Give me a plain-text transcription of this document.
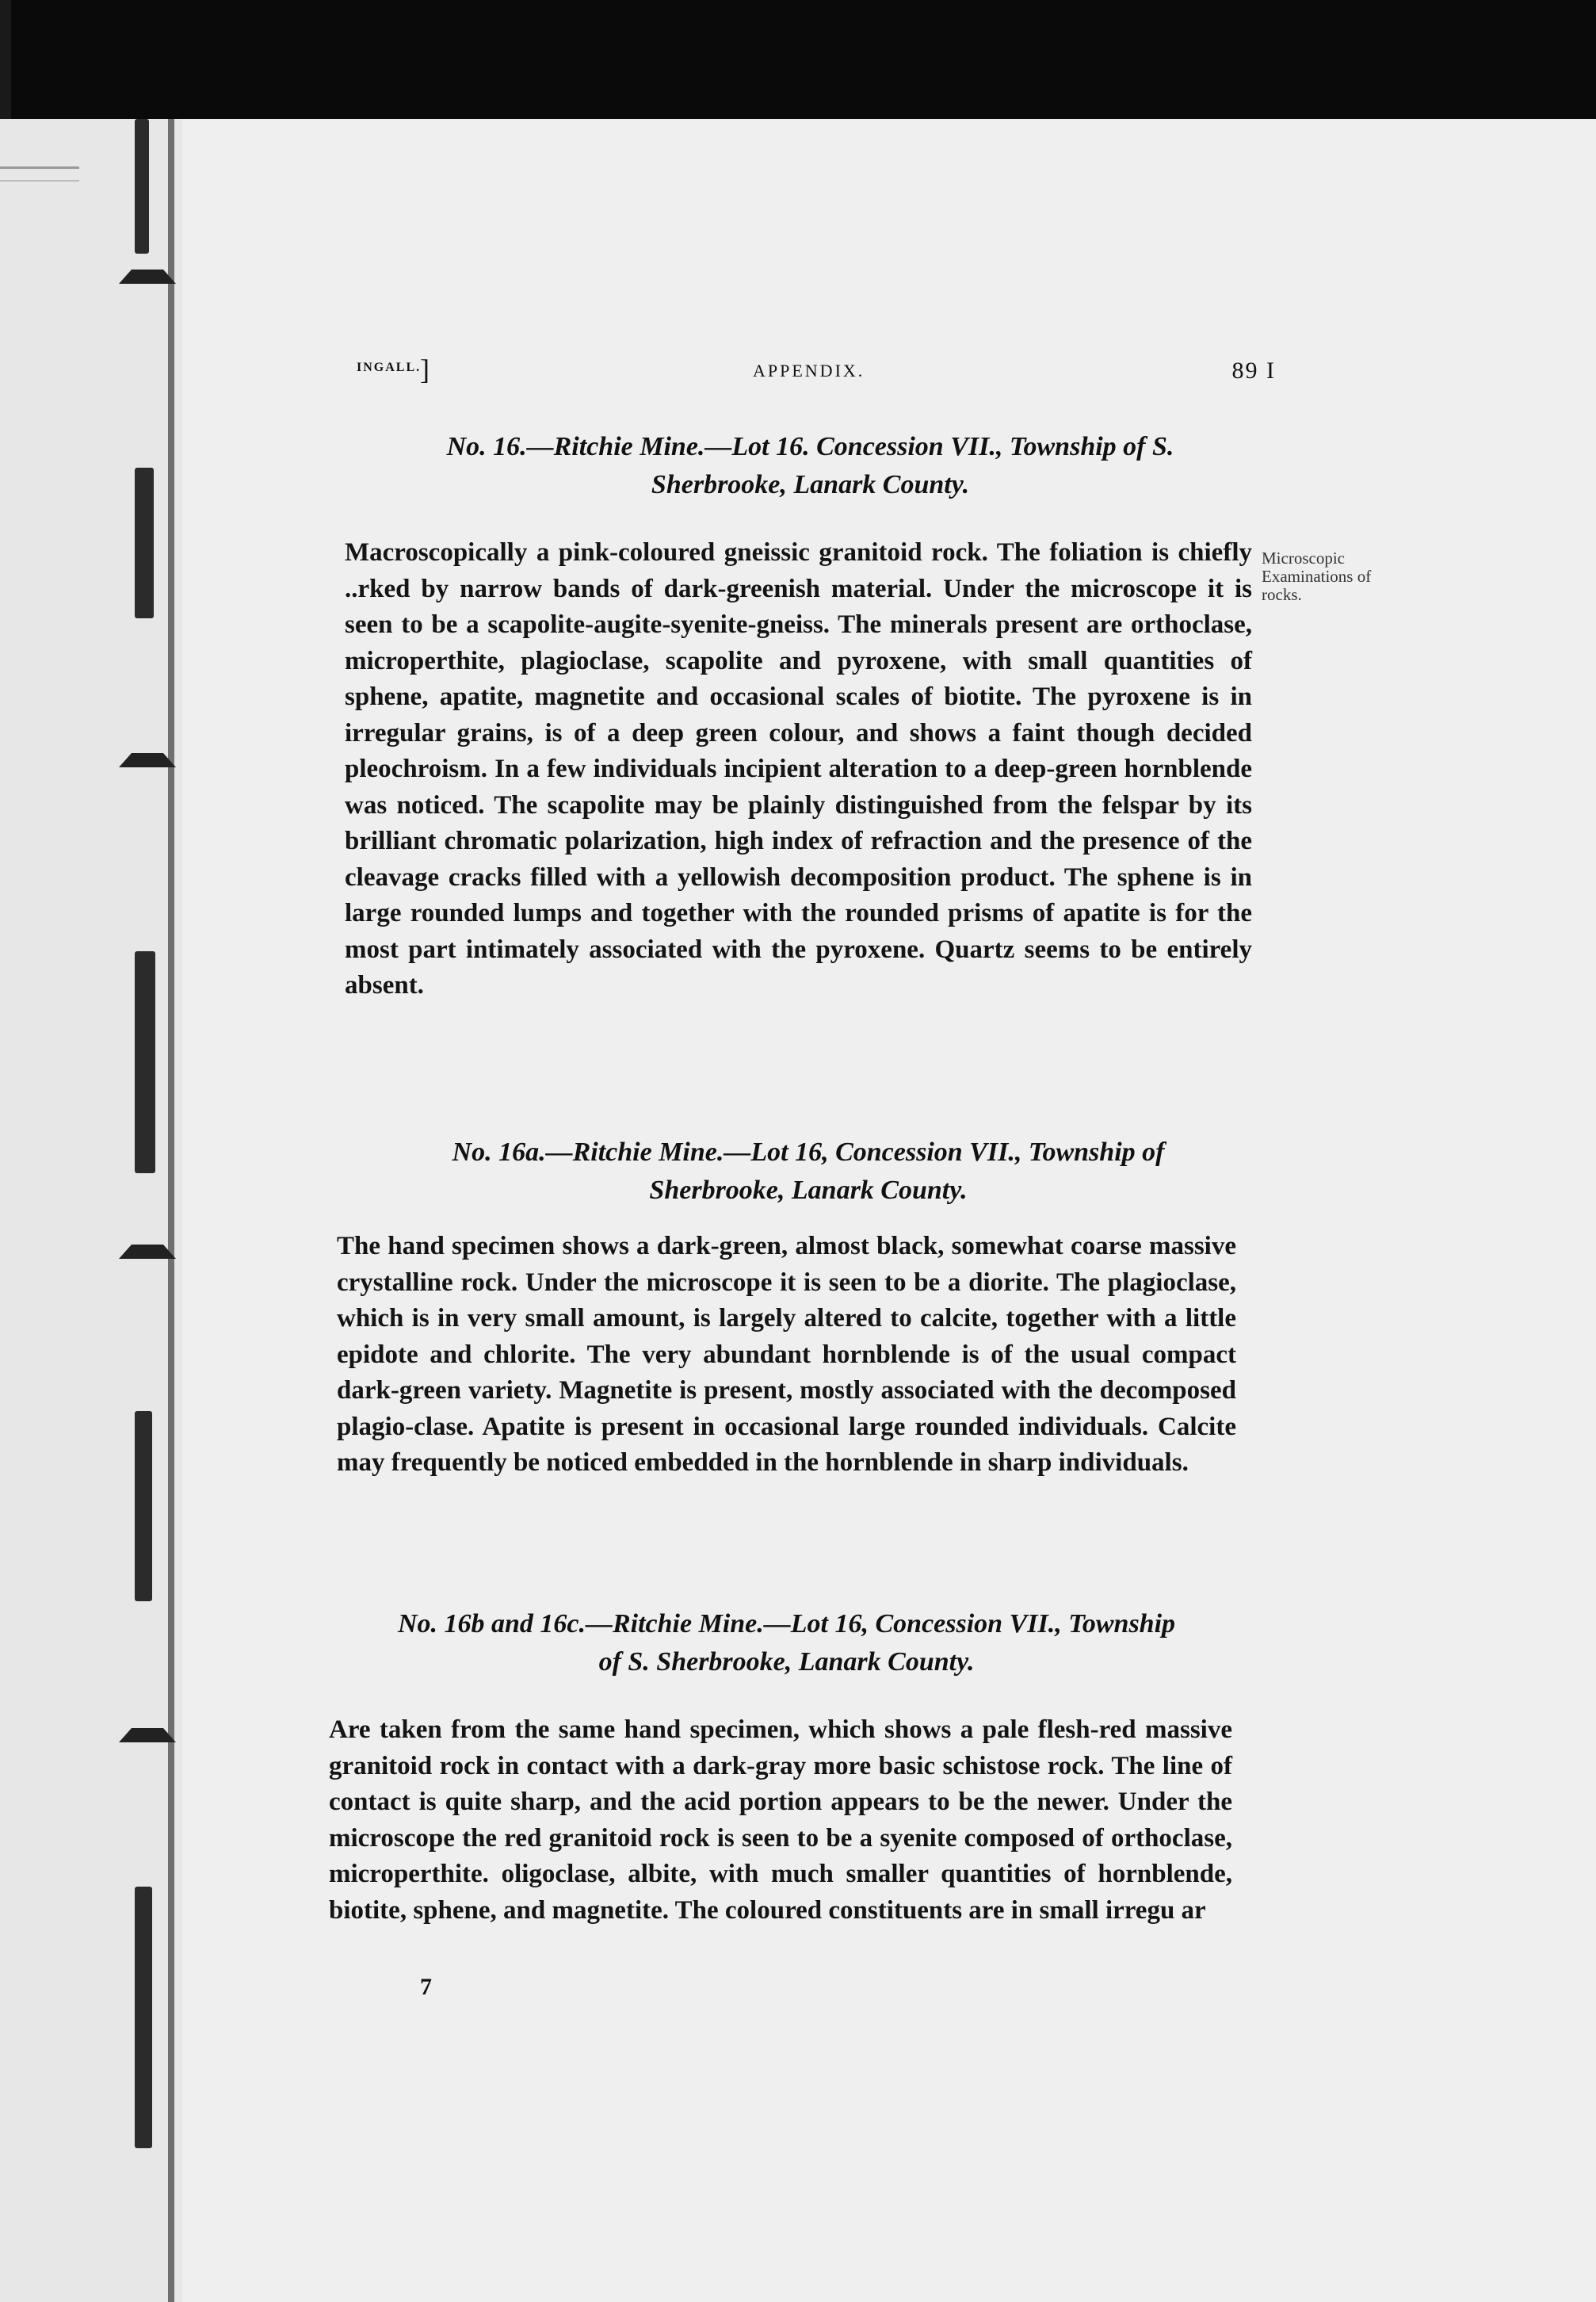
INGALL.
]	APPENDIX.	89 I
Microscopic Examinations of rocks.
No. 16.—Ritchie Mine.—Lot 16. Concession VII., Township of S.
Sherbrooke, Lanark County.
Macroscopically a pink-coloured gneissic granitoid rock. The foliation is chiefly ..rked by narrow bands of dark-greenish material. Under the microscope it is seen to be a scapolite-augite-syenite-gneiss. The minerals present are orthoclase, microperthite, plagioclase, scapolite and pyroxene, with small quantities of sphene, apatite, magnetite and occasional scales of biotite. The pyroxene is in irregular grains, is of a deep green colour, and shows a faint though decided pleochroism. In a few individuals incipient alteration to a deep-green hornblende was noticed. The scapolite may be plainly distinguished from the felspar by its brilliant chromatic polarization, high index of refraction and the presence of the cleavage cracks filled with a yellowish decomposition product. The sphene is in large rounded lumps and together with the rounded prisms of apatite is for the most part intimately associated with the pyroxene. Quartz seems to be entirely absent.
No. 16a.—Ritchie Mine.—Lot 16, Concession VII., Township of
Sherbrooke, Lanark County.
The hand specimen shows a dark-green, almost black, somewhat coarse massive crystalline rock. Under the microscope it is seen to be a diorite. The plagioclase, which is in very small amount, is largely altered to calcite, together with a little epidote and chlorite. The very abundant hornblende is of the usual compact dark-green variety. Magnetite is present, mostly associated with the decomposed plagio-clase. Apatite is present in occasional large rounded individuals. Calcite may frequently be noticed embedded in the hornblende in sharp individuals.
No. 16b and 16c.—Ritchie Mine.—Lot 16, Concession VII., Township
of S. Sherbrooke, Lanark County.
Are taken from the same hand specimen, which shows a pale flesh-red massive granitoid rock in contact with a dark-gray more basic schistose rock. The line of contact is quite sharp, and the acid portion appears to be the newer. Under the microscope the red granitoid rock is seen to be a syenite composed of orthoclase, microperthite. oligoclase, albite, with much smaller quantities of hornblende, biotite, sphene, and magnetite. The coloured constituents are in small irregu ar
7
